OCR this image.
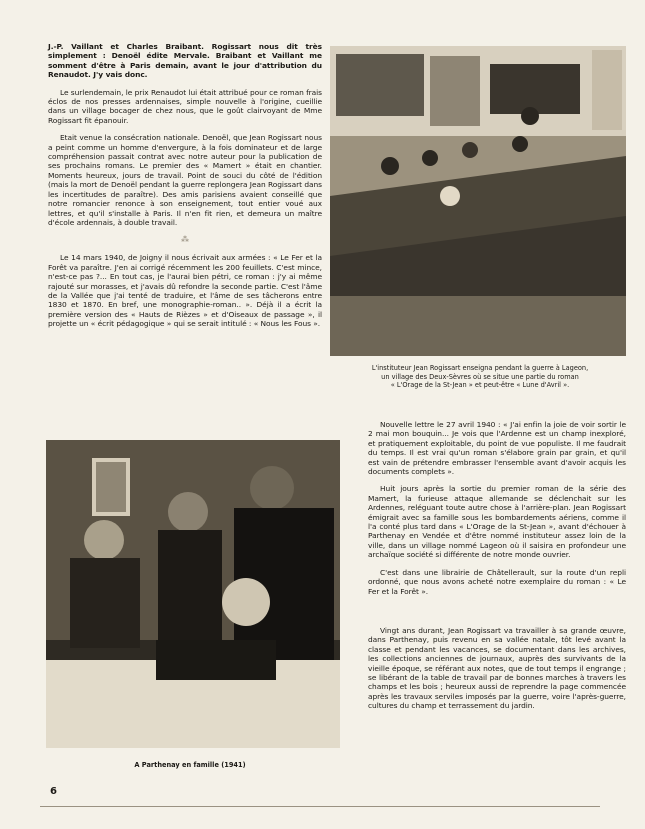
J.-P. Vaillant et Charles Braibant. Rogissart nous dit très simplement : Denoël édite Mervale. Braibant et Vaillant me somment d'être à Paris demain, avant le jour d'attribution du Renaudot. J'y vais donc.

Le surlendemain, le prix Renaudot lui était attribué pour ce roman frais éclos de nos presses ardennaises, simple nouvelle à l'origine, cueillie dans un village bocager de chez nous, que le goût clairvoyant de Mme Rogissart fit épanouir.

Etait venue la consécration nationale. Denoël, que Jean Rogissart nous a peint comme un homme d'envergure, à la fois dominateur et de large compréhension passait contrat avec notre auteur pour la publication de ses prochains romans. Le premier des « Mamert » était en chantier. Moments heureux, jours de travail. Point de souci du côté de l'édition (mais la mort de Denoël pendant la guerre replongera Jean Rogissart dans les incertitudes de paraître). Des amis parisiens avaient conseillé que notre romancier renonce à son enseignement, tout entier voué aux lettres, et qu'il s'installe à Paris. Il n'en fit rien, et demeura un maître d'école ardennais, à double travail.

⁂

Le 14 mars 1940, de Joigny il nous écrivait aux armées : « Le Fer et la Forêt va paraître. J'en ai corrigé récemment les 200 feuillets. C'est mince, n'est-ce pas ?... En tout cas, je l'aurai bien pétri, ce roman : j'y ai même rajouté sur morasses, et j'avais dû refondre la seconde partie. C'est l'âme de la Vallée que j'ai tenté de traduire, et l'âme de ses tâcherons entre 1830 et 1870. En bref, une monographie-roman.. ». Déjà il a écrit la première version des « Hauts de Rièzes » et d'Oiseaux de passage », il projette un « écrit pédagogique » qui se serait intitulé : « Nous les Fous ».

L'instituteur Jean Rogissart enseigna pendant la guerre à Lageon,
un village des Deux-Sèvres où se situe une partie du roman
« L'Orage de la St-Jean » et peut-être « Lune d'Avril ».

Nouvelle lettre le 27 avril 1940 : « J'ai enfin la joie de voir sortir le 2 mai mon bouquin... Je vois que l'Ardenne est un champ inexploré, et pratiquement exploitable, du point de vue populiste. Il me faudrait du temps. Il est vrai qu'un roman s'élabore grain par grain, et qu'il est vain de prétendre embrasser l'ensemble avant d'avoir acquis les documents complets ».

Huit jours après la sortie du premier roman de la série des Mamert, la furieuse attaque allemande se déclenchait sur les Ardennes, reléguant toute autre chose à l'arrière-plan. Jean Rogissart émigrait avec sa famille sous les bombardements aériens, comme il l'a conté plus tard dans « L'Orage de la St-Jean », avant d'échouer à Parthenay en Vendée et d'être nommé instituteur assez loin de la ville, dans un village nommé Lageon où il saisira en profondeur une archaïque société si différente de notre monde ouvrier.

C'est dans une librairie de Châtellerault, sur la route d'un repli ordonné, que nous avons acheté notre exemplaire du roman : « Le Fer et la Forêt ».

Vingt ans durant, Jean Rogissart va travailler à sa grande œuvre, dans Parthenay, puis revenu en sa vallée natale, tôt levé avant la classe et pendant les vacances, se documentant dans les archives, les collections anciennes de journaux, auprès des survivants de la vieille époque, se référant aux notes, que de tout temps il engrange ; se libérant de la table de travail par de bonnes marches à travers les champs et les bois ; heureux aussi de reprendre la page commencée après les travaux serviles imposés par la guerre, voire l'après-guerre, cultures du champ et terrassement du jardin.

A Parthenay en famille (1941)
6
